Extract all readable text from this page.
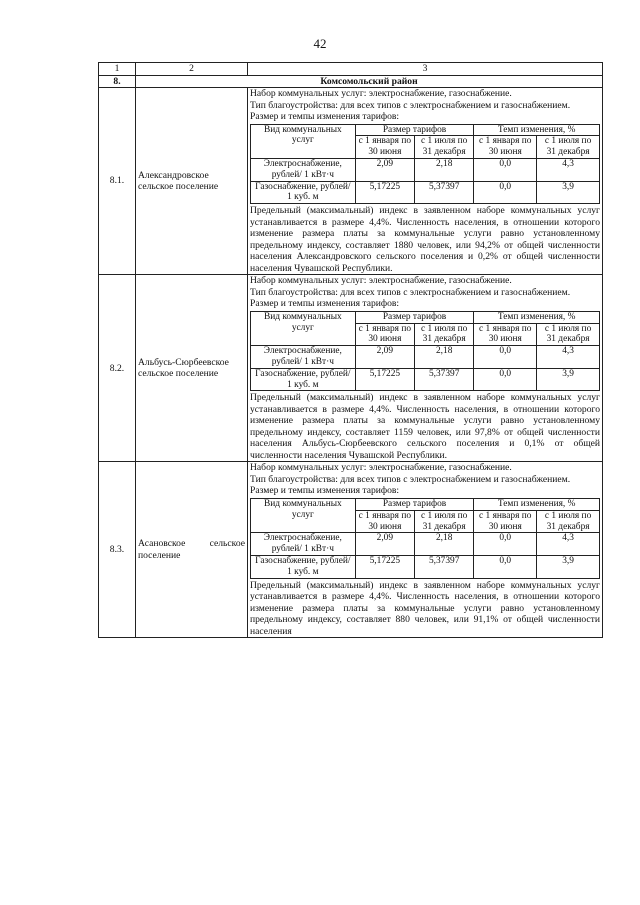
42
1	2	3
8.	Комсомольский район
8.1.	Александровское сельское поселение	
Набор коммунальных услуг: электроснабжение, газоснабжение.
Тип благоустройства: для всех типов с электроснабжением и газоснабжением.
Размер и темпы изменения тарифов:
Вид коммунальных услуг	Размер тарифов	Темп изменения, %
с 1 января по 30 июня	с 1 июля по 31 декабря	с 1 января по 30 июня	с 1 июля по 31 декабря
Электроснабжение, рублей/ 1 кВт·ч	2,09	2,18	0,0	4,3
Газоснабжение, рублей/ 1 куб. м	5,17225	5,37397	0,0	3,9
Предельный (максимальный) индекс в заявленном наборе коммунальных услуг устанавливается в размере 4,4%. Численность населения, в отношении которого изменение размера платы за коммунальные услуги равно установленному предельному индексу, составляет 1880 человек, или 94,2% от общей численности населения Александровского сельского поселения и 0,2% от общей численности населения Чувашской Республики.

8.2.	Альбусь-Сюрбеевское сельское поселение	
Набор коммунальных услуг: электроснабжение, газоснабжение.
Тип благоустройства: для всех типов с электроснабжением и газоснабжением.
Размер и темпы изменения тарифов:
Вид коммунальных услуг	Размер тарифов	Темп изменения, %
с 1 января по 30 июня	с 1 июля по 31 декабря	с 1 января по 30 июня	с 1 июля по 31 декабря
Электроснабжение, рублей/ 1 кВт·ч	2,09	2,18	0,0	4,3
Газоснабжение, рублей/ 1 куб. м	5,17225	5,37397	0,0	3,9
Предельный (максимальный) индекс в заявленном наборе коммунальных услуг устанавливается в размере 4,4%. Численность населения, в отношении которого изменение размера платы за коммунальные услуги равно установленному предельному индексу, составляет 1159 человек, или 97,8% от общей численности населения Альбусь-Сюрбеевского сельского поселения и 0,1% от общей численности населения Чувашской Республики.

8.3.	Асановское сельское поселение	
Набор коммунальных услуг: электроснабжение, газоснабжение.
Тип благоустройства: для всех типов с электроснабжением и газоснабжением.
Размер и темпы изменения тарифов:
Вид коммунальных услуг	Размер тарифов	Темп изменения, %
с 1 января по 30 июня	с 1 июля по 31 декабря	с 1 января по 30 июня	с 1 июля по 31 декабря
Электроснабжение, рублей/ 1 кВт·ч	2,09	2,18	0,0	4,3
Газоснабжение, рублей/ 1 куб. м	5,17225	5,37397	0,0	3,9
Предельный (максимальный) индекс в заявленном наборе коммунальных услуг устанавливается в размере 4,4%. Численность населения, в отношении которого изменение размера платы за коммунальные услуги равно установленному предельному индексу, составляет 880 человек, или 91,1% от общей численности населения
